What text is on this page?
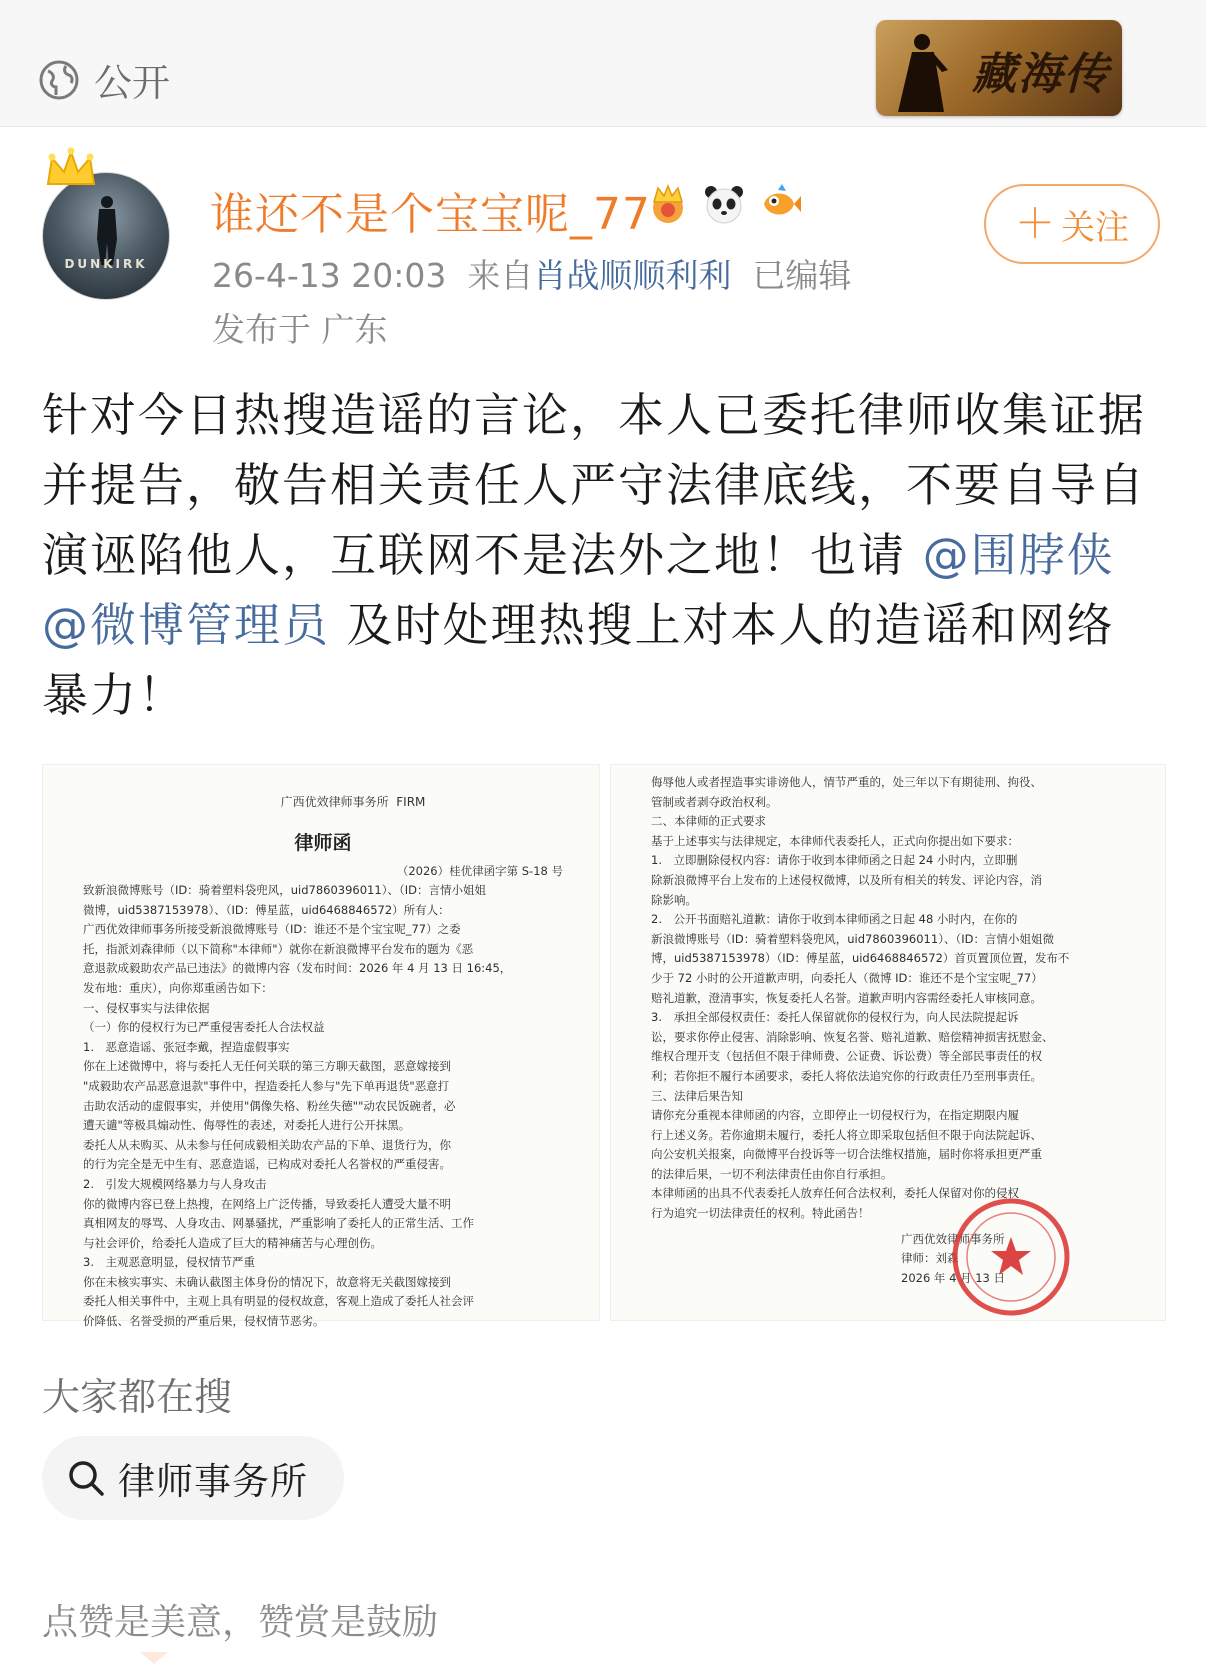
公开	藏海传
DUNKIRK
谁还不是个宝宝呢_77	＋ 关注
26-4-13 20:03 来自肖战顺顺利利 已编辑
发布于 广东
针对今日热搜造谣的言论，本人已委托律师收集证据并提告，敬告相关责任人严守法律底线，不要自导自演诬陷他人，互联网不是法外之地！也请 @围脖侠 @微博管理员 及时处理热搜上对本人的造谣和网络暴力！
广西优效律师事务所 FIRM
律师函
（2026）桂优律函字第 S-18 号
致新浪微博账号（ID：骑着塑料袋兜风，uid7860396011）、（ID：言情小姐姐
微博，uid5387153978）、（ID：傅星蓝，uid6468846572）所有人：
广西优效律师事务所接受新浪微博账号（ID：谁还不是个宝宝呢_77）之委
托，指派刘森律师（以下简称"本律师"）就你在新浪微博平台发布的题为《恶
意退款成毅助农产品已违法》的微博内容（发布时间：2026 年 4 月 13 日 16:45，
发布地：重庆），向你郑重函告如下：
一、侵权事实与法律依据
（一）你的侵权行为已严重侵害委托人合法权益
1.　恶意造谣、张冠李戴，捏造虚假事实
你在上述微博中，将与委托人无任何关联的第三方聊天截图，恶意嫁接到
"成毅助农产品恶意退款"事件中，捏造委托人参与"先下单再退货"恶意打
击助农活动的虚假事实，并使用"偶像失格、粉丝失德""动农民饭碗者，必
遭天谴"等极具煽动性、侮辱性的表述，对委托人进行公开抹黑。
委托人从未购买、从未参与任何成毅相关助农产品的下单、退货行为，你
的行为完全是无中生有、恶意造谣，已构成对委托人名誉权的严重侵害。
2.　引发大规模网络暴力与人身攻击
你的微博内容已登上热搜，在网络上广泛传播，导致委托人遭受大量不明
真相网友的辱骂、人身攻击、网暴骚扰，严重影响了委托人的正常生活、工作
与社会评价，给委托人造成了巨大的精神痛苦与心理创伤。
3.　主观恶意明显，侵权情节严重
你在未核实事实、未确认截图主体身份的情况下，故意将无关截图嫁接到
委托人相关事件中，主观上具有明显的侵权故意，客观上造成了委托人社会评
价降低、名誉受损的严重后果，侵权情节恶劣。
侮辱他人或者捏造事实诽谤他人，情节严重的，处三年以下有期徒刑、拘役、
管制或者剥夺政治权利。
二、本律师的正式要求
基于上述事实与法律规定，本律师代表委托人，正式向你提出如下要求：
1.　立即删除侵权内容：请你于收到本律师函之日起 24 小时内，立即删
除新浪微博平台上发布的上述侵权微博，以及所有相关的转发、评论内容，消
除影响。
2.　公开书面赔礼道歉：请你于收到本律师函之日起 48 小时内，在你的
新浪微博账号（ID：骑着塑料袋兜风，uid7860396011）、（ID：言情小姐姐微
博，uid5387153978）（ID：傅星蓝，uid6468846572）首页置顶位置，发布不
少于 72 小时的公开道歉声明，向委托人（微博 ID：谁还不是个宝宝呢_77）
赔礼道歉，澄清事实，恢复委托人名誉。道歉声明内容需经委托人审核同意。
3.　承担全部侵权责任：委托人保留就你的侵权行为，向人民法院提起诉
讼，要求你停止侵害、消除影响、恢复名誉、赔礼道歉、赔偿精神损害抚慰金、
维权合理开支（包括但不限于律师费、公证费、诉讼费）等全部民事责任的权
利；若你拒不履行本函要求，委托人将依法追究你的行政责任乃至刑事责任。
三、法律后果告知
请你充分重视本律师函的内容，立即停止一切侵权行为，在指定期限内履
行上述义务。若你逾期未履行，委托人将立即采取包括但不限于向法院起诉、
向公安机关报案，向微博平台投诉等一切合法维权措施，届时你将承担更严重
的法律后果，一切不利法律责任由你自行承担。
本律师函的出具不代表委托人放弃任何合法权利，委托人保留对你的侵权
行为追究一切法律责任的权利。特此函告！
广西优效律师事务所
律师：刘森
2026 年 4 月 13 日
大家都在搜
律师事务所
点赞是美意，赞赏是鼓励
